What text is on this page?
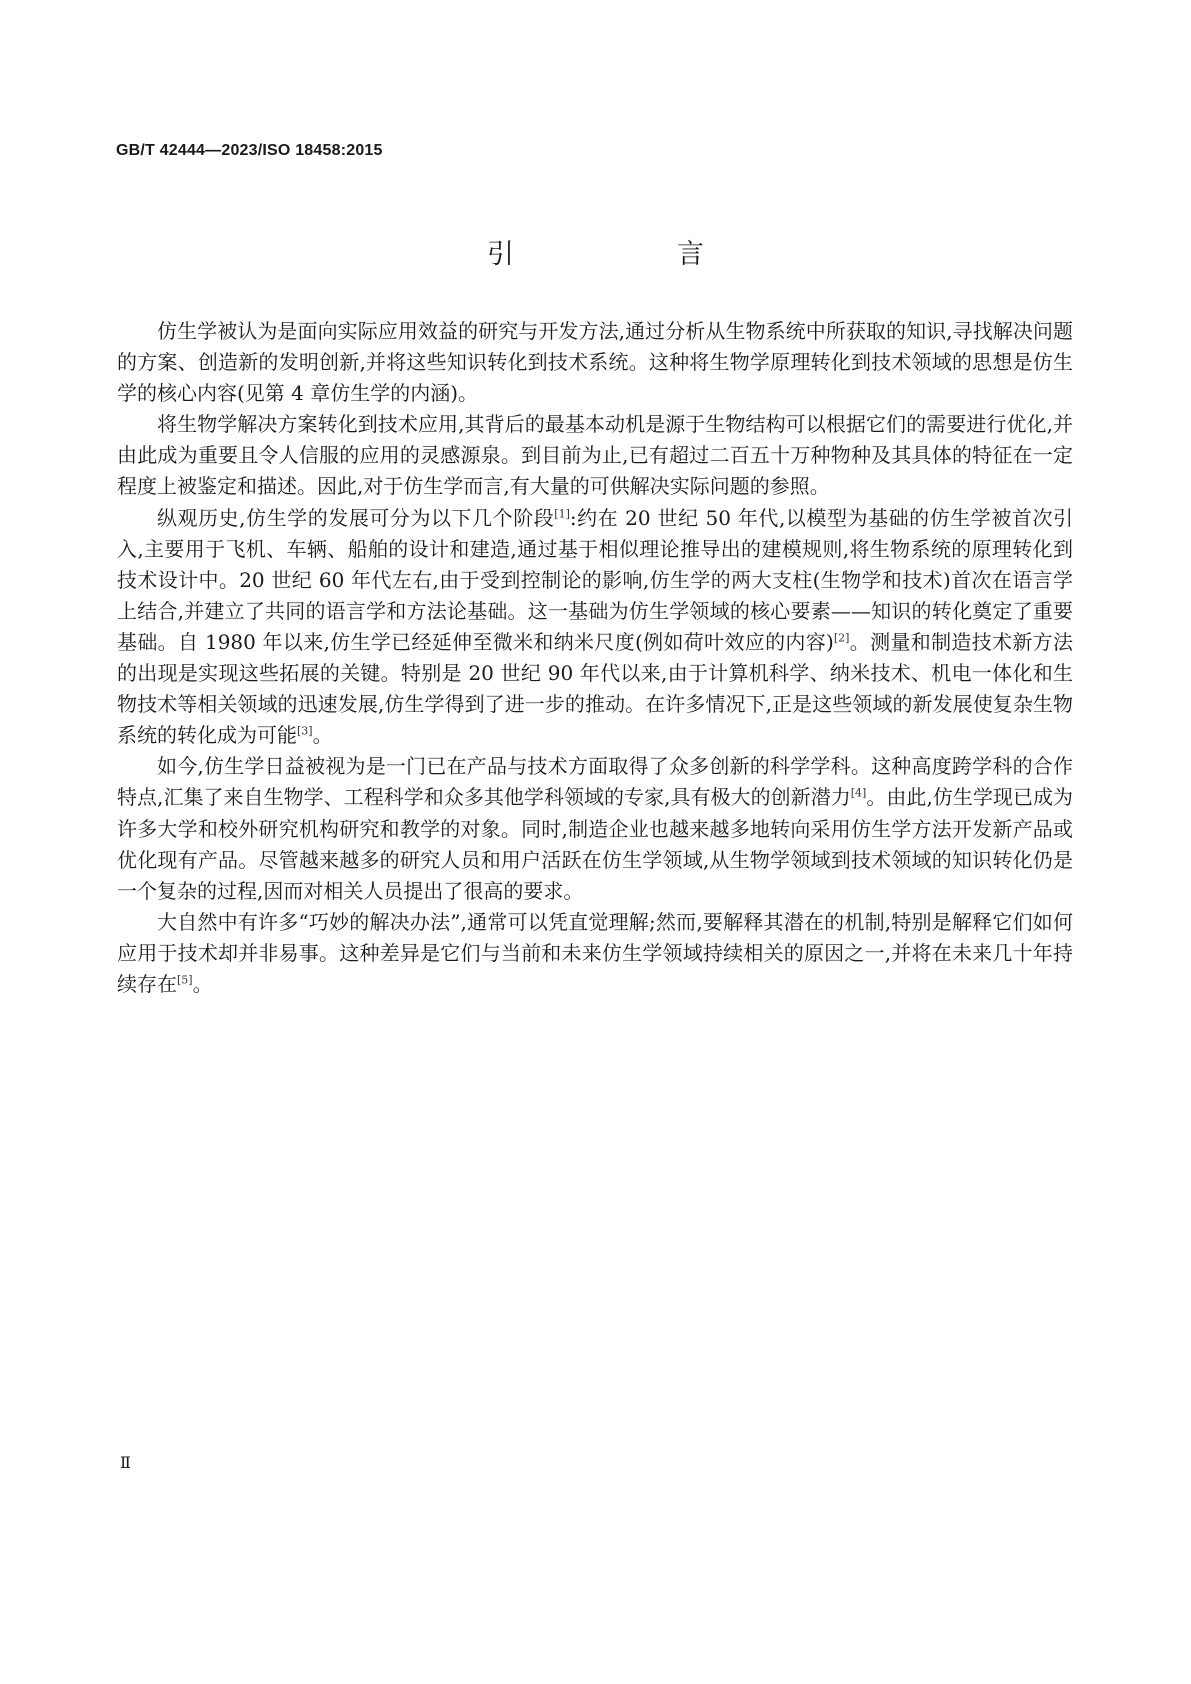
GB/T 42444—2023/ISO 18458:2015
引　言

仿生学被认为是面向实际应用效益的研究与开发方法,通过分析从生物系统中所获取的知识,寻找解决问题的方案、创造新的发明创新,并将这些知识转化到技术系统。这种将生物学原理转化到技术领域的思想是仿生学的核心内容(见第 4 章仿生学的内涵)。

将生物学解决方案转化到技术应用,其背后的最基本动机是源于生物结构可以根据它们的需要进行优化,并由此成为重要且令人信服的应用的灵感源泉。到目前为止,已有超过二百五十万种物种及其具体的特征在一定程度上被鉴定和描述。因此,对于仿生学而言,有大量的可供解决实际问题的参照。

纵观历史,仿生学的发展可分为以下几个阶段[1]:约在 20 世纪 50 年代,以模型为基础的仿生学被首次引入,主要用于飞机、车辆、船舶的设计和建造,通过基于相似理论推导出的建模规则,将生物系统的原理转化到技术设计中。20 世纪 60 年代左右,由于受到控制论的影响,仿生学的两大支柱(生物学和技术)首次在语言学上结合,并建立了共同的语言学和方法论基础。这一基础为仿生学领域的核心要素——知识的转化奠定了重要基础。自 1980 年以来,仿生学已经延伸至微米和纳米尺度(例如荷叶效应的内容)[2]。测量和制造技术新方法的出现是实现这些拓展的关键。特别是 20 世纪 90 年代以来,由于计算机科学、纳米技术、机电一体化和生物技术等相关领域的迅速发展,仿生学得到了进一步的推动。在许多情况下,正是这些领域的新发展使复杂生物系统的转化成为可能[3]。

如今,仿生学日益被视为是一门已在产品与技术方面取得了众多创新的科学学科。这种高度跨学科的合作特点,汇集了来自生物学、工程科学和众多其他学科领域的专家,具有极大的创新潜力[4]。由此,仿生学现已成为许多大学和校外研究机构研究和教学的对象。同时,制造企业也越来越多地转向采用仿生学方法开发新产品或优化现有产品。尽管越来越多的研究人员和用户活跃在仿生学领域,从生物学领域到技术领域的知识转化仍是一个复杂的过程,因而对相关人员提出了很高的要求。

大自然中有许多“巧妙的解决办法”,通常可以凭直觉理解;然而,要解释其潜在的机制,特别是解释它们如何应用于技术却并非易事。这种差异是它们与当前和未来仿生学领域持续相关的原因之一,并将在未来几十年持续存在[5]。

Ⅱ
